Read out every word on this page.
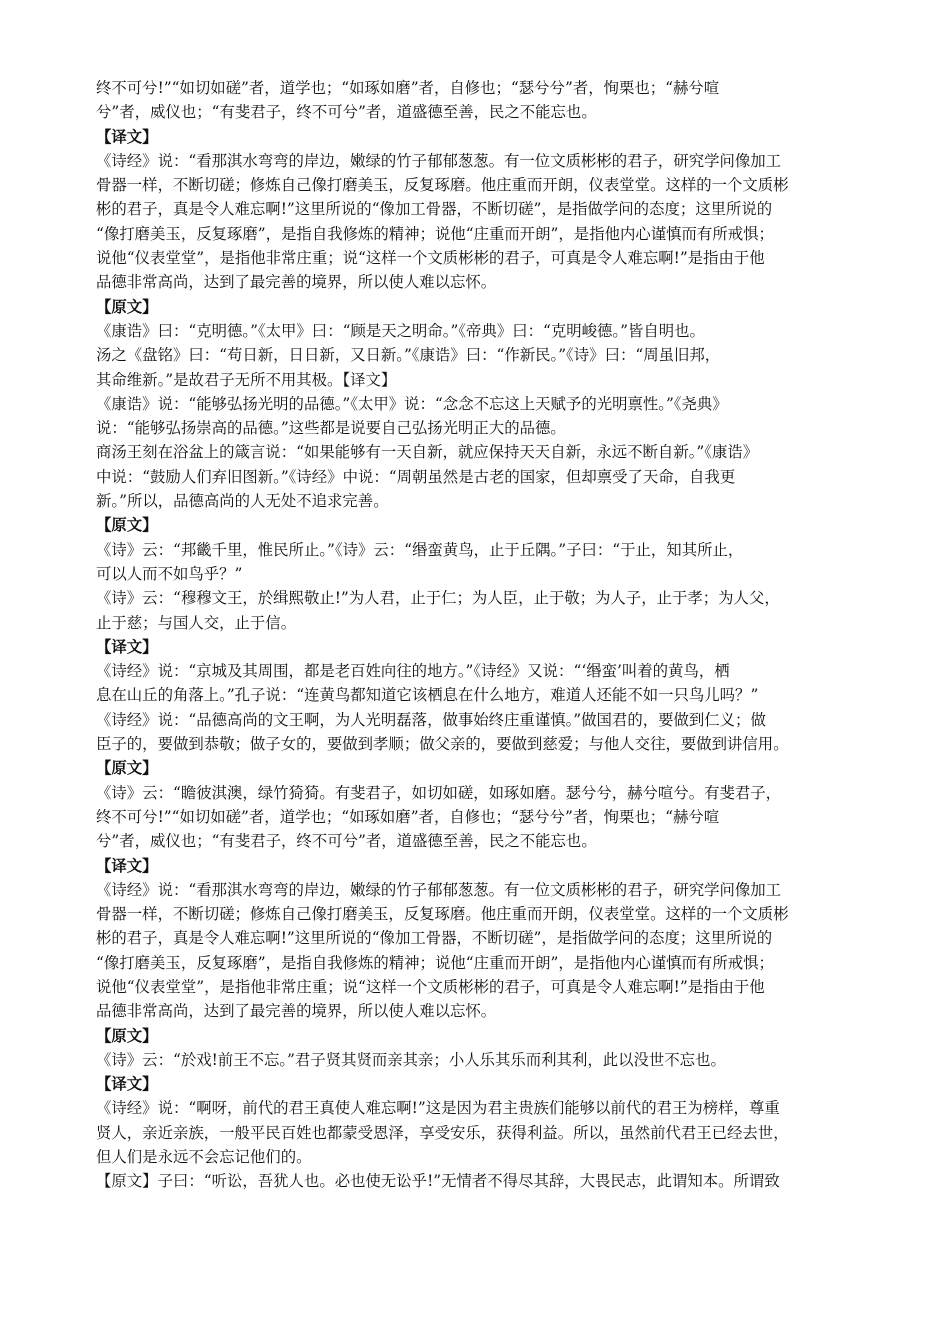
终不可兮!”“如切如磋”者，道学也；“如琢如磨”者，自修也；“瑟兮兮”者，恂栗也；“赫兮喧
兮”者，威仪也；“有斐君子，终不可兮”者，道盛德至善，民之不能忘也。
【译文】
《诗经》说：“看那淇水弯弯的岸边，嫩绿的竹子郁郁葱葱。有一位文质彬彬的君子，研究学问像加工
骨器一样，不断切磋；修炼自己像打磨美玉，反复琢磨。他庄重而开朗，仪表堂堂。这样的一个文质彬
彬的君子，真是令人难忘啊!”这里所说的“像加工骨器，不断切磋”，是指做学问的态度；这里所说的
“像打磨美玉，反复琢磨”，是指自我修炼的精神；说他“庄重而开朗”，是指他内心谨慎而有所戒惧；
说他“仪表堂堂”，是指他非常庄重；说“这样一个文质彬彬的君子，可真是令人难忘啊!”是指由于他
品德非常高尚，达到了最完善的境界，所以使人难以忘怀。
【原文】
《康诰》曰：“克明德。”《太甲》曰：“顾是天之明命。”《帝典》曰：“克明峻德。”皆自明也。
汤之《盘铭》曰：“苟日新，日日新，又日新。”《康诰》曰：“作新民。”《诗》曰：“周虽旧邦，
其命维新。”是故君子无所不用其极。【译文】
《康诰》说：“能够弘扬光明的品德。”《太甲》说：“念念不忘这上天赋予的光明禀性。”《尧典》
说：“能够弘扬崇高的品德。”这些都是说要自己弘扬光明正大的品德。
商汤王刻在浴盆上的箴言说：“如果能够有一天自新，就应保持天天自新，永远不断自新。”《康诰》
中说：“鼓励人们弃旧图新。”《诗经》中说：“周朝虽然是古老的国家，但却禀受了天命，自我更
新。”所以，品德高尚的人无处不追求完善。
【原文】
《诗》云：“邦畿千里，惟民所止。”《诗》云：“缗蛮黄鸟，止于丘隅。”子曰：“于止，知其所止，
可以人而不如鸟乎？”
《诗》云：“穆穆文王，於缉熙敬止!”为人君，止于仁；为人臣，止于敬；为人子，止于孝；为人父，
止于慈；与国人交，止于信。
【译文】
《诗经》说：“京城及其周围，都是老百姓向往的地方。”《诗经》又说：“‘缗蛮’叫着的黄鸟，栖
息在山丘的角落上。”孔子说：“连黄鸟都知道它该栖息在什么地方，难道人还能不如一只鸟儿吗？”
《诗经》说：“品德高尚的文王啊，为人光明磊落，做事始终庄重谨慎。”做国君的，要做到仁义；做
臣子的，要做到恭敬；做子女的，要做到孝顺；做父亲的，要做到慈爱；与他人交往，要做到讲信用。
【原文】
《诗》云：“瞻彼淇澳，绿竹猗猗。有斐君子，如切如磋，如琢如磨。瑟兮兮，赫兮喧兮。有斐君子，
终不可兮!”“如切如磋”者，道学也；“如琢如磨”者，自修也；“瑟兮兮”者，恂栗也；“赫兮喧
兮”者，威仪也；“有斐君子，终不可兮”者，道盛德至善，民之不能忘也。
【译文】
《诗经》说：“看那淇水弯弯的岸边，嫩绿的竹子郁郁葱葱。有一位文质彬彬的君子，研究学问像加工
骨器一样，不断切磋；修炼自己像打磨美玉，反复琢磨。他庄重而开朗，仪表堂堂。这样的一个文质彬
彬的君子，真是令人难忘啊!”这里所说的“像加工骨器，不断切磋”，是指做学问的态度；这里所说的
“像打磨美玉，反复琢磨”，是指自我修炼的精神；说他“庄重而开朗”，是指他内心谨慎而有所戒惧；
说他“仪表堂堂”，是指他非常庄重；说“这样一个文质彬彬的君子，可真是令人难忘啊!”是指由于他
品德非常高尚，达到了最完善的境界，所以使人难以忘怀。
【原文】
《诗》云：“於戏!前王不忘。”君子贤其贤而亲其亲；小人乐其乐而利其利，此以没世不忘也。
【译文】
《诗经》说：“啊呀，前代的君王真使人难忘啊!”这是因为君主贵族们能够以前代的君王为榜样，尊重
贤人，亲近亲族，一般平民百姓也都蒙受恩泽，享受安乐，获得利益。所以，虽然前代君王已经去世，
但人们是永远不会忘记他们的。
【原文】子曰：“听讼，吾犹人也。必也使无讼乎!”无情者不得尽其辞，大畏民志，此谓知本。所谓致
